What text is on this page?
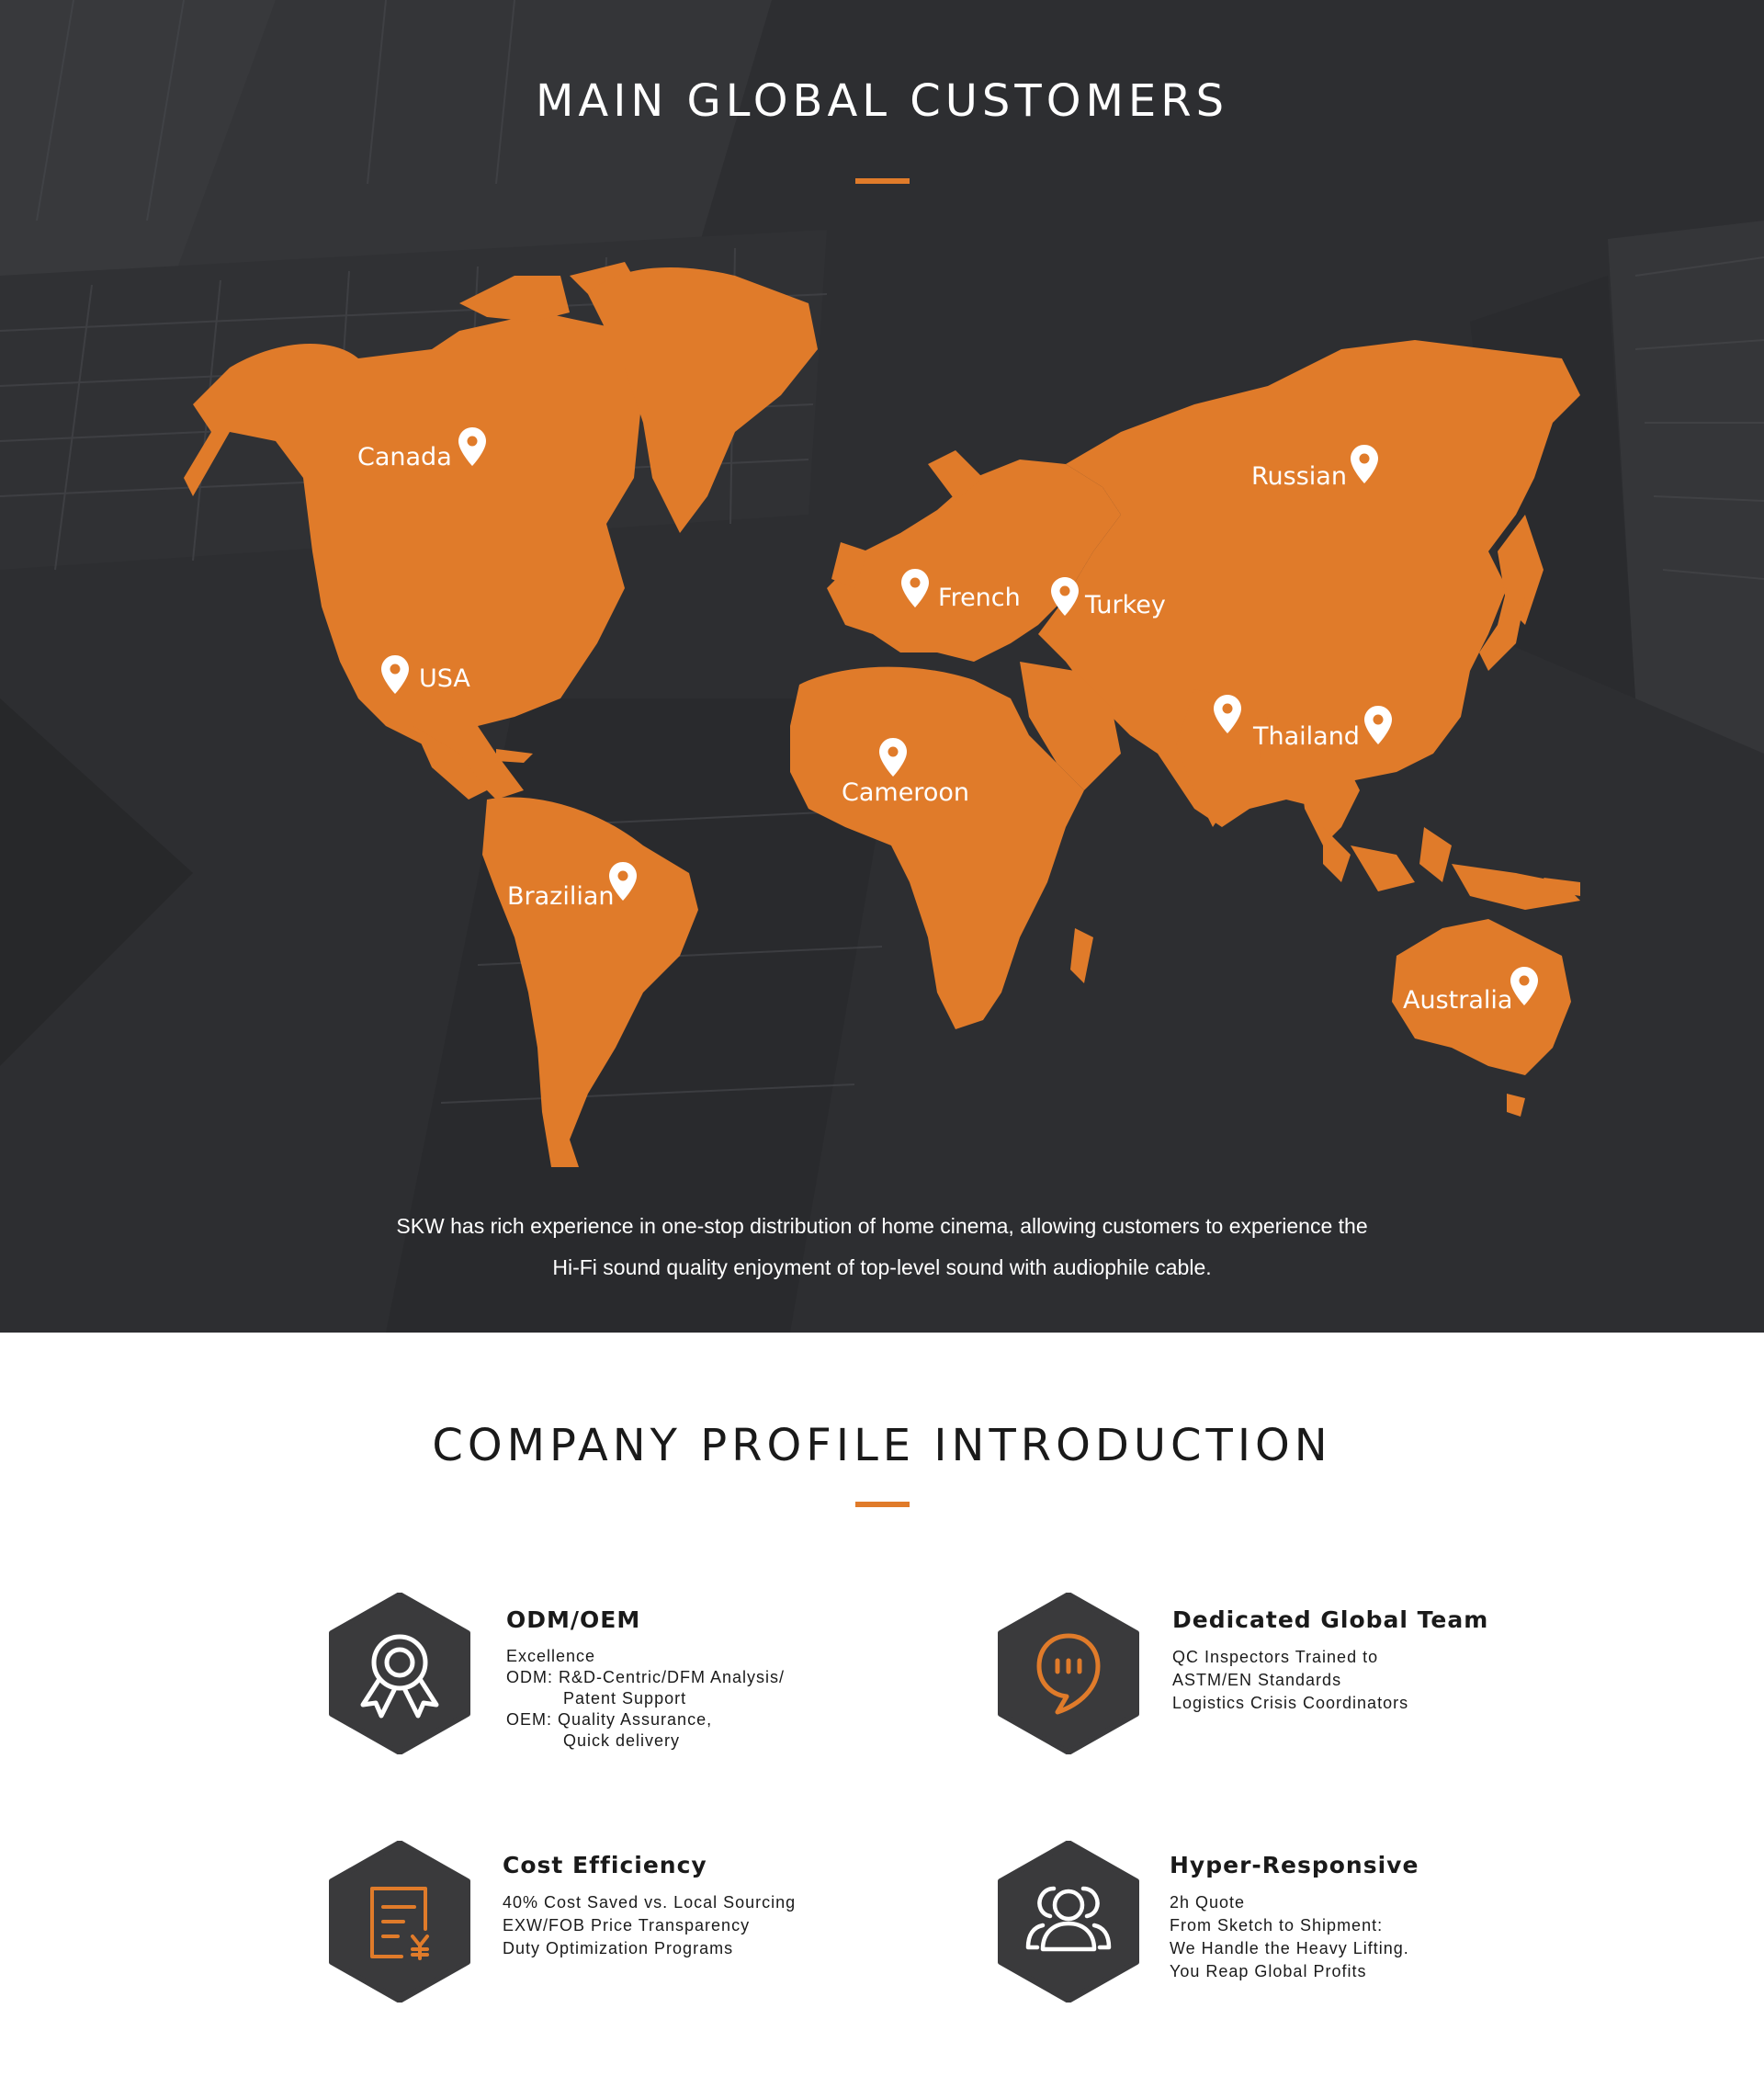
MAIN GLOBAL CUSTOMERS
Canada
USA
Brazilian
French	Turkey
Russian
Cameroon
Thailand
Australia

SKW has rich experience in one-stop distribution of home cinema, allowing customers to experience the
Hi-Fi sound quality enjoyment of top-level sound with audiophile cable.

COMPANY PROFILE INTRODUCTION
ODM/OEM
Excellence
ODM: R&D-Centric/DFM Analysis/
Patent Support
OEM: Quality Assurance,
Quick delivery
Dedicated Global Team
QC Inspectors Trained to
ASTM/EN Standards
Logistics Crisis Coordinators
Cost Efficiency
40% Cost Saved vs. Local Sourcing
EXW/FOB Price Transparency
Duty Optimization Programs
Hyper-Responsive
2h Quote
From Sketch to Shipment:
We Handle the Heavy Lifting.
You Reap Global Profits
